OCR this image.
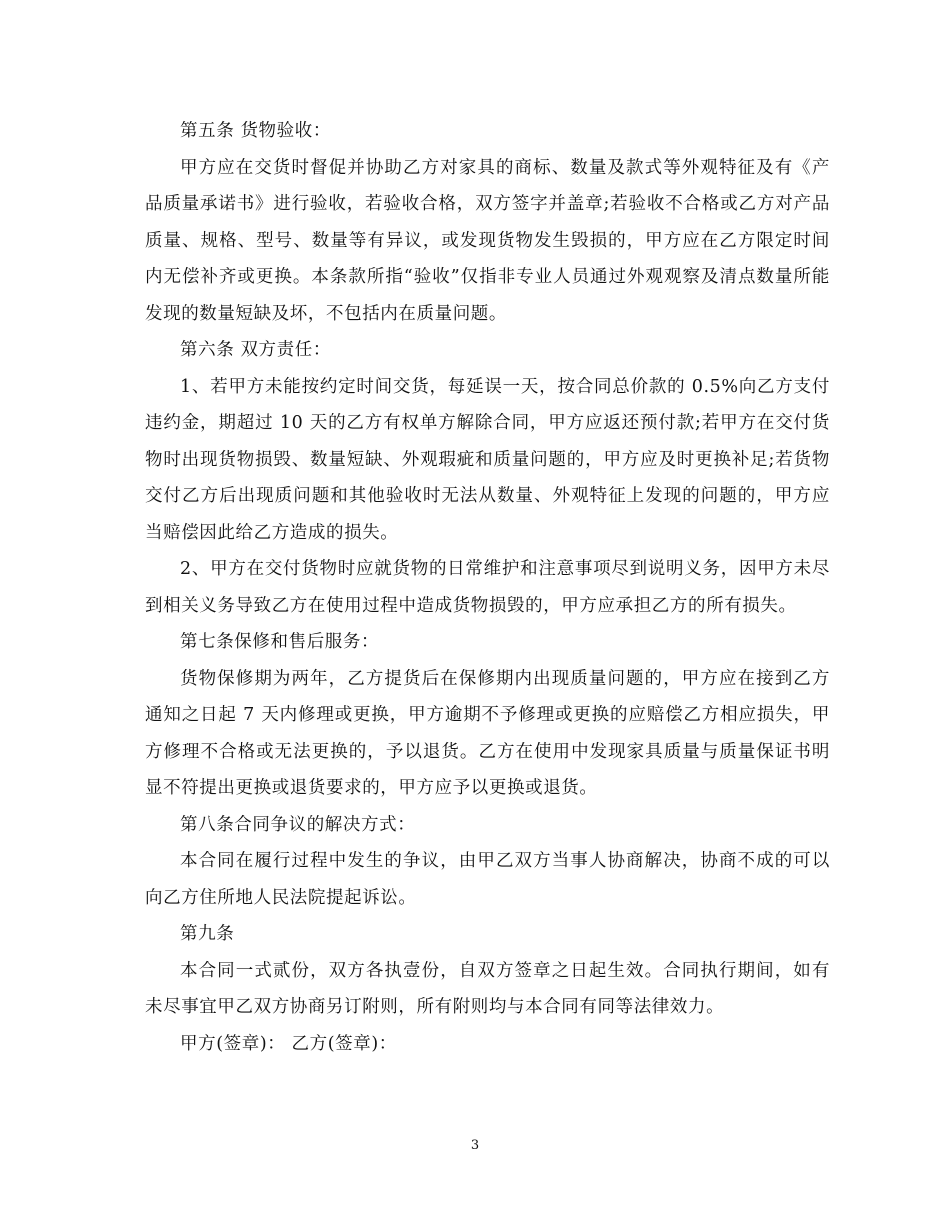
第五条 货物验收：

甲方应在交货时督促并协助乙方对家具的商标、数量及款式等外观特征及有《产品质量承诺书》进行验收，若验收合格，双方签字并盖章;若验收不合格或乙方对产品质量、规格、型号、数量等有异议，或发现货物发生毁损的，甲方应在乙方限定时间内无偿补齐或更换。本条款所指“验收”仅指非专业人员通过外观观察及清点数量所能发现的数量短缺及坏，不包括内在质量问题。

第六条 双方责任：

1、若甲方未能按约定时间交货，每延误一天，按合同总价款的 0.5%向乙方支付违约金，期超过 10 天的乙方有权单方解除合同，甲方应返还预付款;若甲方在交付货物时出现货物损毁、数量短缺、外观瑕疵和质量问题的，甲方应及时更换补足;若货物交付乙方后出现质问题和其他验收时无法从数量、外观特征上发现的问题的，甲方应当赔偿因此给乙方造成的损失。

2、甲方在交付货物时应就货物的日常维护和注意事项尽到说明义务，因甲方未尽到相关义务导致乙方在使用过程中造成货物损毁的，甲方应承担乙方的所有损失。

第七条保修和售后服务：

货物保修期为两年，乙方提货后在保修期内出现质量问题的，甲方应在接到乙方通知之日起 7 天内修理或更换，甲方逾期不予修理或更换的应赔偿乙方相应损失，甲方修理不合格或无法更换的，予以退货。乙方在使用中发现家具质量与质量保证书明显不符提出更换或退货要求的，甲方应予以更换或退货。

第八条合同争议的解决方式：

本合同在履行过程中发生的争议，由甲乙双方当事人协商解决，协商不成的可以向乙方住所地人民法院提起诉讼。

第九条

本合同一式贰份，双方各执壹份，自双方签章之日起生效。合同执行期间，如有未尽事宜甲乙双方协商另订附则，所有附则均与本合同有同等法律效力。

甲方(签章)： 乙方(签章)：

3
